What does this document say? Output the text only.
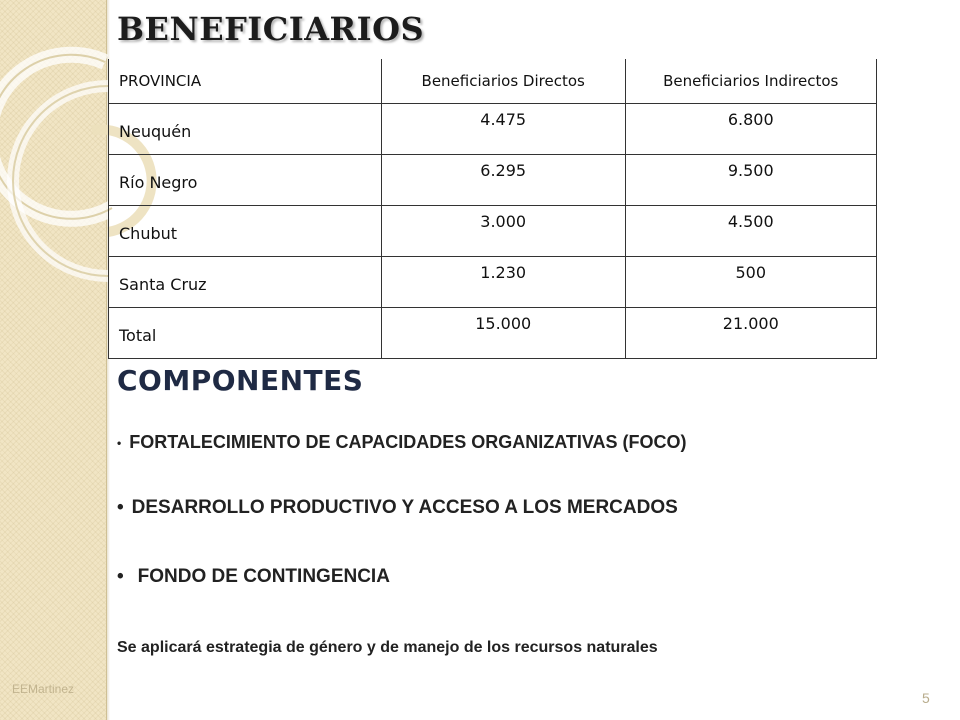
BENEFICIARIOS
PROVINCIA	Beneficiarios Directos	Beneficiarios Indirectos
Neuquén	4.475	6.800
Río Negro	6.295	9.500
Chubut	3.000	4.500
Santa Cruz	1.230	500
Total	15.000	21.000
COMPONENTES

• FORTALECIMIENTO DE CAPACIDADES ORGANIZATIVAS (FOCO)

• DESARROLLO PRODUCTIVO Y ACCESO A LOS MERCADOS

• FONDO DE CONTINGENCIA

Se aplicará estrategia de género y de manejo de los recursos naturales

EEMartinez
5
